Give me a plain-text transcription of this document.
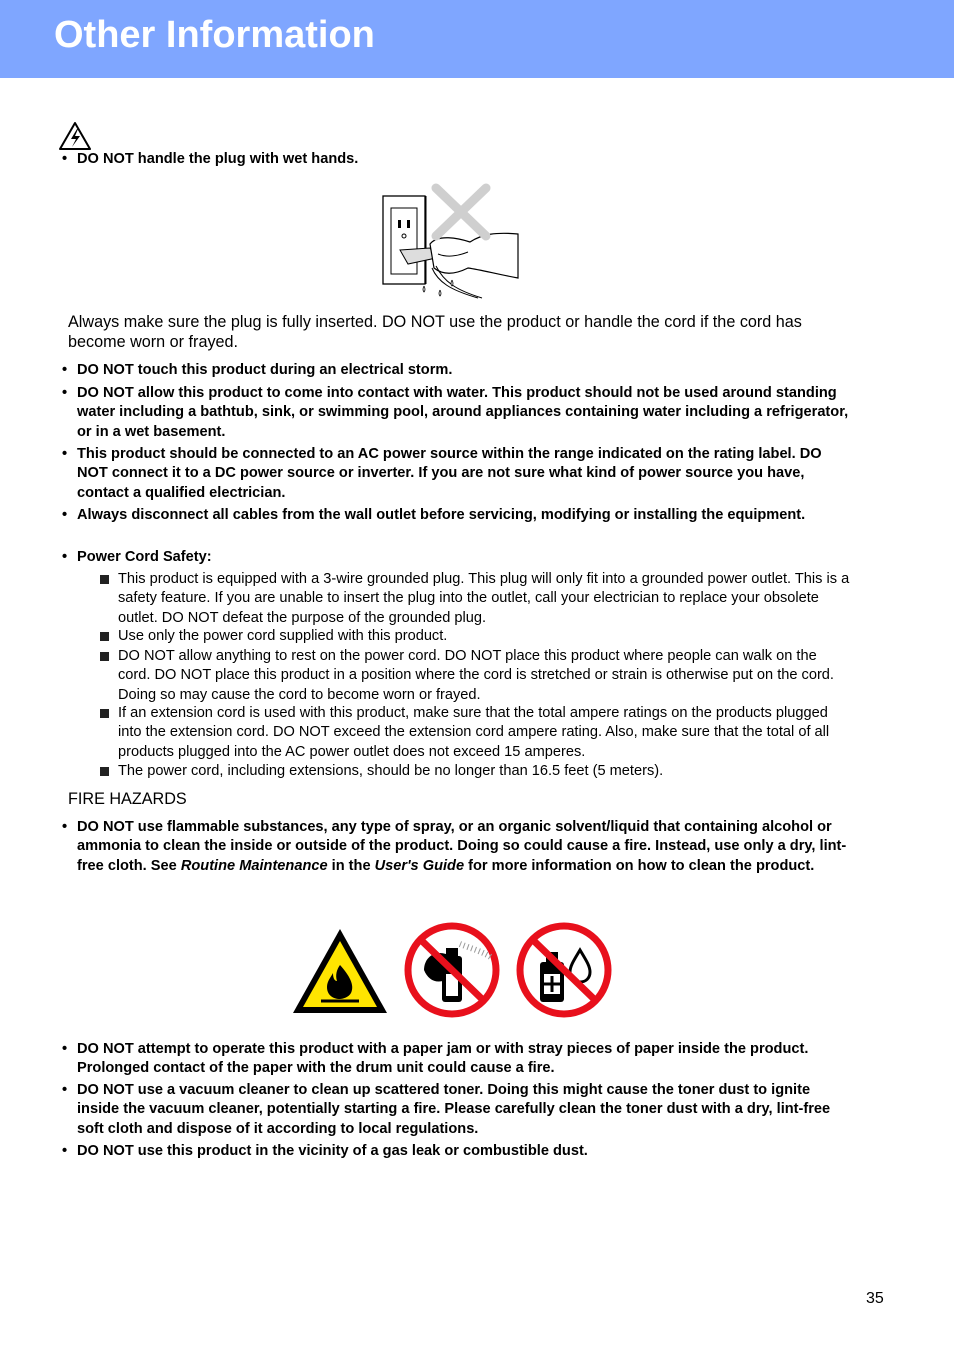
Other Information
• DO NOT handle the plug with wet hands.
Always make sure the plug is fully inserted. DO NOT use the product or handle the cord if the cord has become worn or frayed.
• DO NOT touch this product during an electrical storm.
• DO NOT allow this product to come into contact with water. This product should not be used around standing water including a bathtub, sink, or swimming pool, around appliances containing water including a refrigerator, or in a wet basement.
• This product should be connected to an AC power source within the range indicated on the rating label. DO NOT connect it to a DC power source or inverter. If you are not sure what kind of power source you have, contact a qualified electrician.
• Always disconnect all cables from the wall outlet before servicing, modifying or installing the equipment.
• Power Cord Safety:
This product is equipped with a 3-wire grounded plug. This plug will only fit into a grounded power outlet. This is a safety feature. If you are unable to insert the plug into the outlet, call your electrician to replace your obsolete outlet. DO NOT defeat the purpose of the grounded plug.
Use only the power cord supplied with this product.
DO NOT allow anything to rest on the power cord. DO NOT place this product where people can walk on the cord. DO NOT place this product in a position where the cord is stretched or strain is otherwise put on the cord. Doing so may cause the cord to become worn or frayed.
If an extension cord is used with this product, make sure that the total ampere ratings on the products plugged into the extension cord. DO NOT exceed the extension cord ampere rating. Also, make sure that the total of all products plugged into the AC power outlet does not exceed 15 amperes.
The power cord, including extensions, should be no longer than 16.5 feet (5 meters).
FIRE HAZARDS
• DO NOT use flammable substances, any type of spray, or an organic solvent/liquid that containing alcohol or ammonia to clean the inside or outside of the product. Doing so could cause a fire. Instead, use only a dry, lint-free cloth. See Routine Maintenance in the User's Guide for more information on how to clean the product.
• DO NOT attempt to operate this product with a paper jam or with stray pieces of paper inside the product. Prolonged contact of the paper with the drum unit could cause a fire.
• DO NOT use a vacuum cleaner to clean up scattered toner. Doing this might cause the toner dust to ignite inside the vacuum cleaner, potentially starting a fire. Please carefully clean the toner dust with a dry, lint-free soft cloth and dispose of it according to local regulations.
• DO NOT use this product in the vicinity of a gas leak or combustible dust.
35
